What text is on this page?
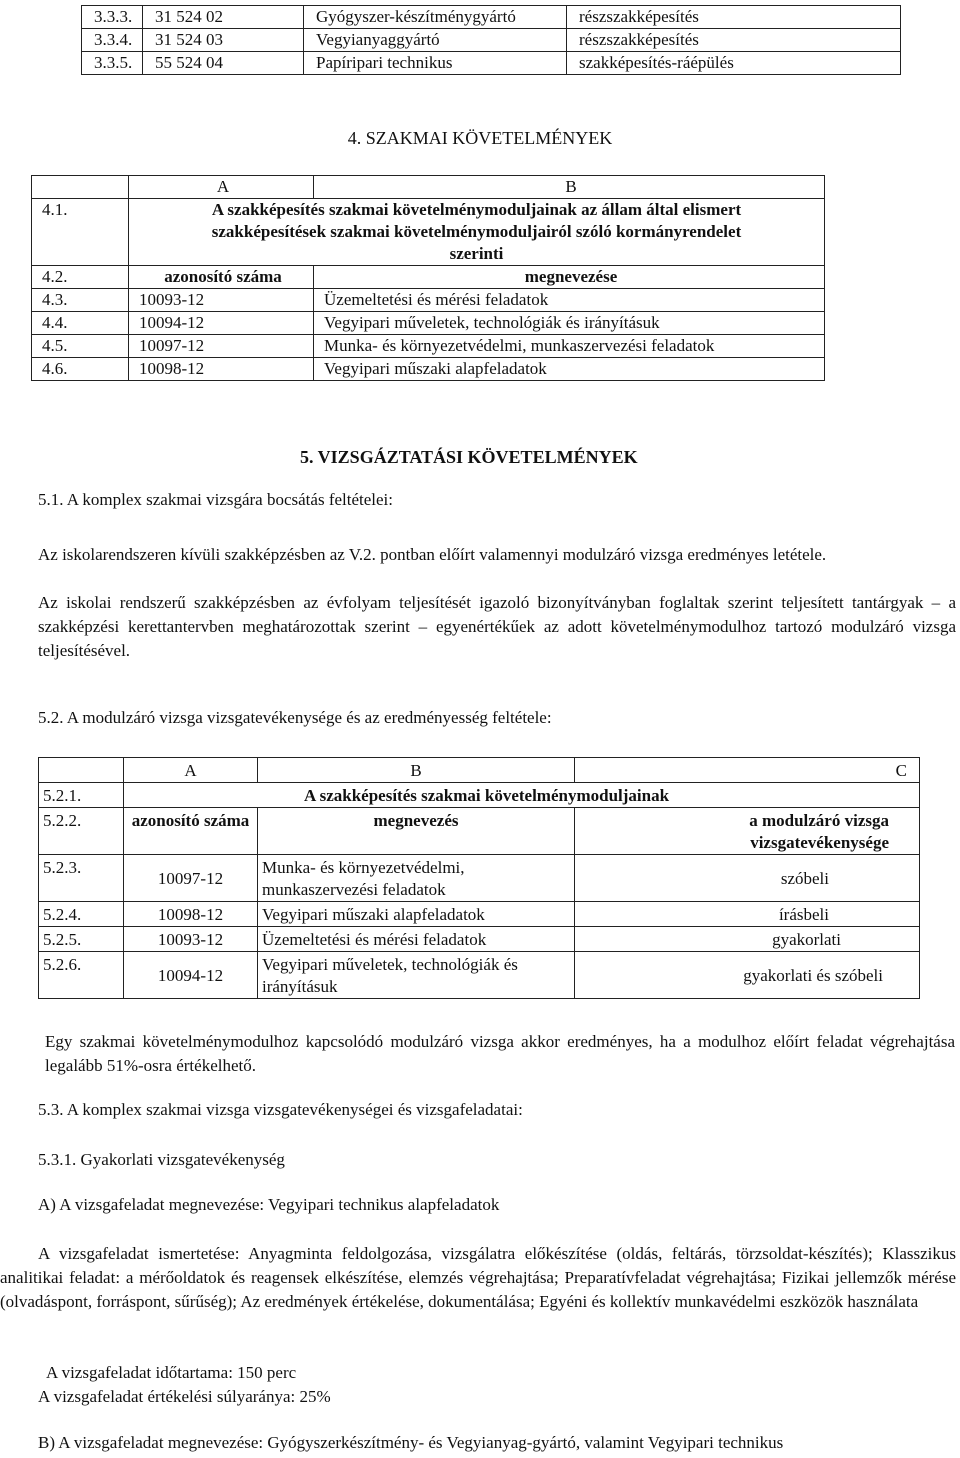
3.3.3.	31 524 02	Gyógyszer-készítménygyártó	részszakképesítés
3.3.4.	31 524 03	Vegyianyaggyártó	részszakképesítés
3.3.5.	55 524 04	Papíripari technikus	szakképesítés-ráépülés
4. SZAKMAI KÖVETELMÉNYEK
	A	B
4.1.	A szakképesítés szakmai követelménymoduljainak az állam által elismert szakképesítések szakmai követelménymoduljairól szóló kormányrendelet szerinti	
4.2.	azonosító száma	megnevezése
4.3.	10093-12	Üzemeltetési és mérési feladatok
4.4.	10094-12	Vegyipari műveletek, technológiák és irányításuk
4.5.	10097-12	Munka- és környezetvédelmi, munkaszervezési feladatok
4.6.	10098-12	Vegyipari műszaki alapfeladatok
5. VIZSGÁZTATÁSI KÖVETELMÉNYEK
5.1. A komplex szakmai vizsgára bocsátás feltételei:
Az iskolarendszeren kívüli szakképzésben az V.2. pontban előírt valamennyi modulzáró vizsga eredményes letétele.
Az iskolai rendszerű szakképzésben az évfolyam teljesítését igazoló bizonyítványban foglaltak szerint teljesített tantárgyak – a szakképzési kerettantervben meghatározottak szerint – egyenértékűek az adott követelménymodulhoz tartozó modulzáró vizsga teljesítésével.
5.2. A modulzáró vizsga vizsgatevékenysége és az eredményesség feltétele:
	A	B	C
5.2.1.	A szakképesítés szakmai követelménymoduljainak		
5.2.2.	azonosító száma	megnevezés	a modulzáró vizsga vizsgatevékenysége
5.2.3.	10097-12	Munka- és környezetvédelmi, munkaszervezési feladatok	szóbeli
5.2.4.	10098-12	Vegyipari műszaki alapfeladatok	írásbeli
5.2.5.	10093-12	Üzemeltetési és mérési feladatok	gyakorlati
5.2.6.	10094-12	Vegyipari műveletek, technológiák és irányításuk	gyakorlati és szóbeli
Egy szakmai követelménymodulhoz kapcsolódó modulzáró vizsga akkor eredményes, ha a modulhoz előírt feladat végrehajtása legalább 51%-osra értékelhető.
5.3. A komplex szakmai vizsga vizsgatevékenységei és vizsgafeladatai:
5.3.1. Gyakorlati vizsgatevékenység
A) A vizsgafeladat megnevezése: Vegyipari technikus alapfeladatok
A vizsgafeladat ismertetése: Anyagminta feldolgozása, vizsgálatra előkészítése (oldás, feltárás, törzsoldat-készítés); Klasszikus analitikai feladat: a mérőoldatok és reagensek elkészítése, elemzés végrehajtása; Preparatívfeladat végrehajtása; Fizikai jellemzők mérése (olvadáspont, forráspont, sűrűség); Az eredmények értékelése, dokumentálása; Egyéni és kollektív munkavédelmi eszközök használata
A vizsgafeladat időtartama: 150 perc
A vizsgafeladat értékelési súlyaránya: 25%
B) A vizsgafeladat megnevezése: Gyógyszerkészítmény- és Vegyianyag-gyártó, valamint Vegyipari technikus
